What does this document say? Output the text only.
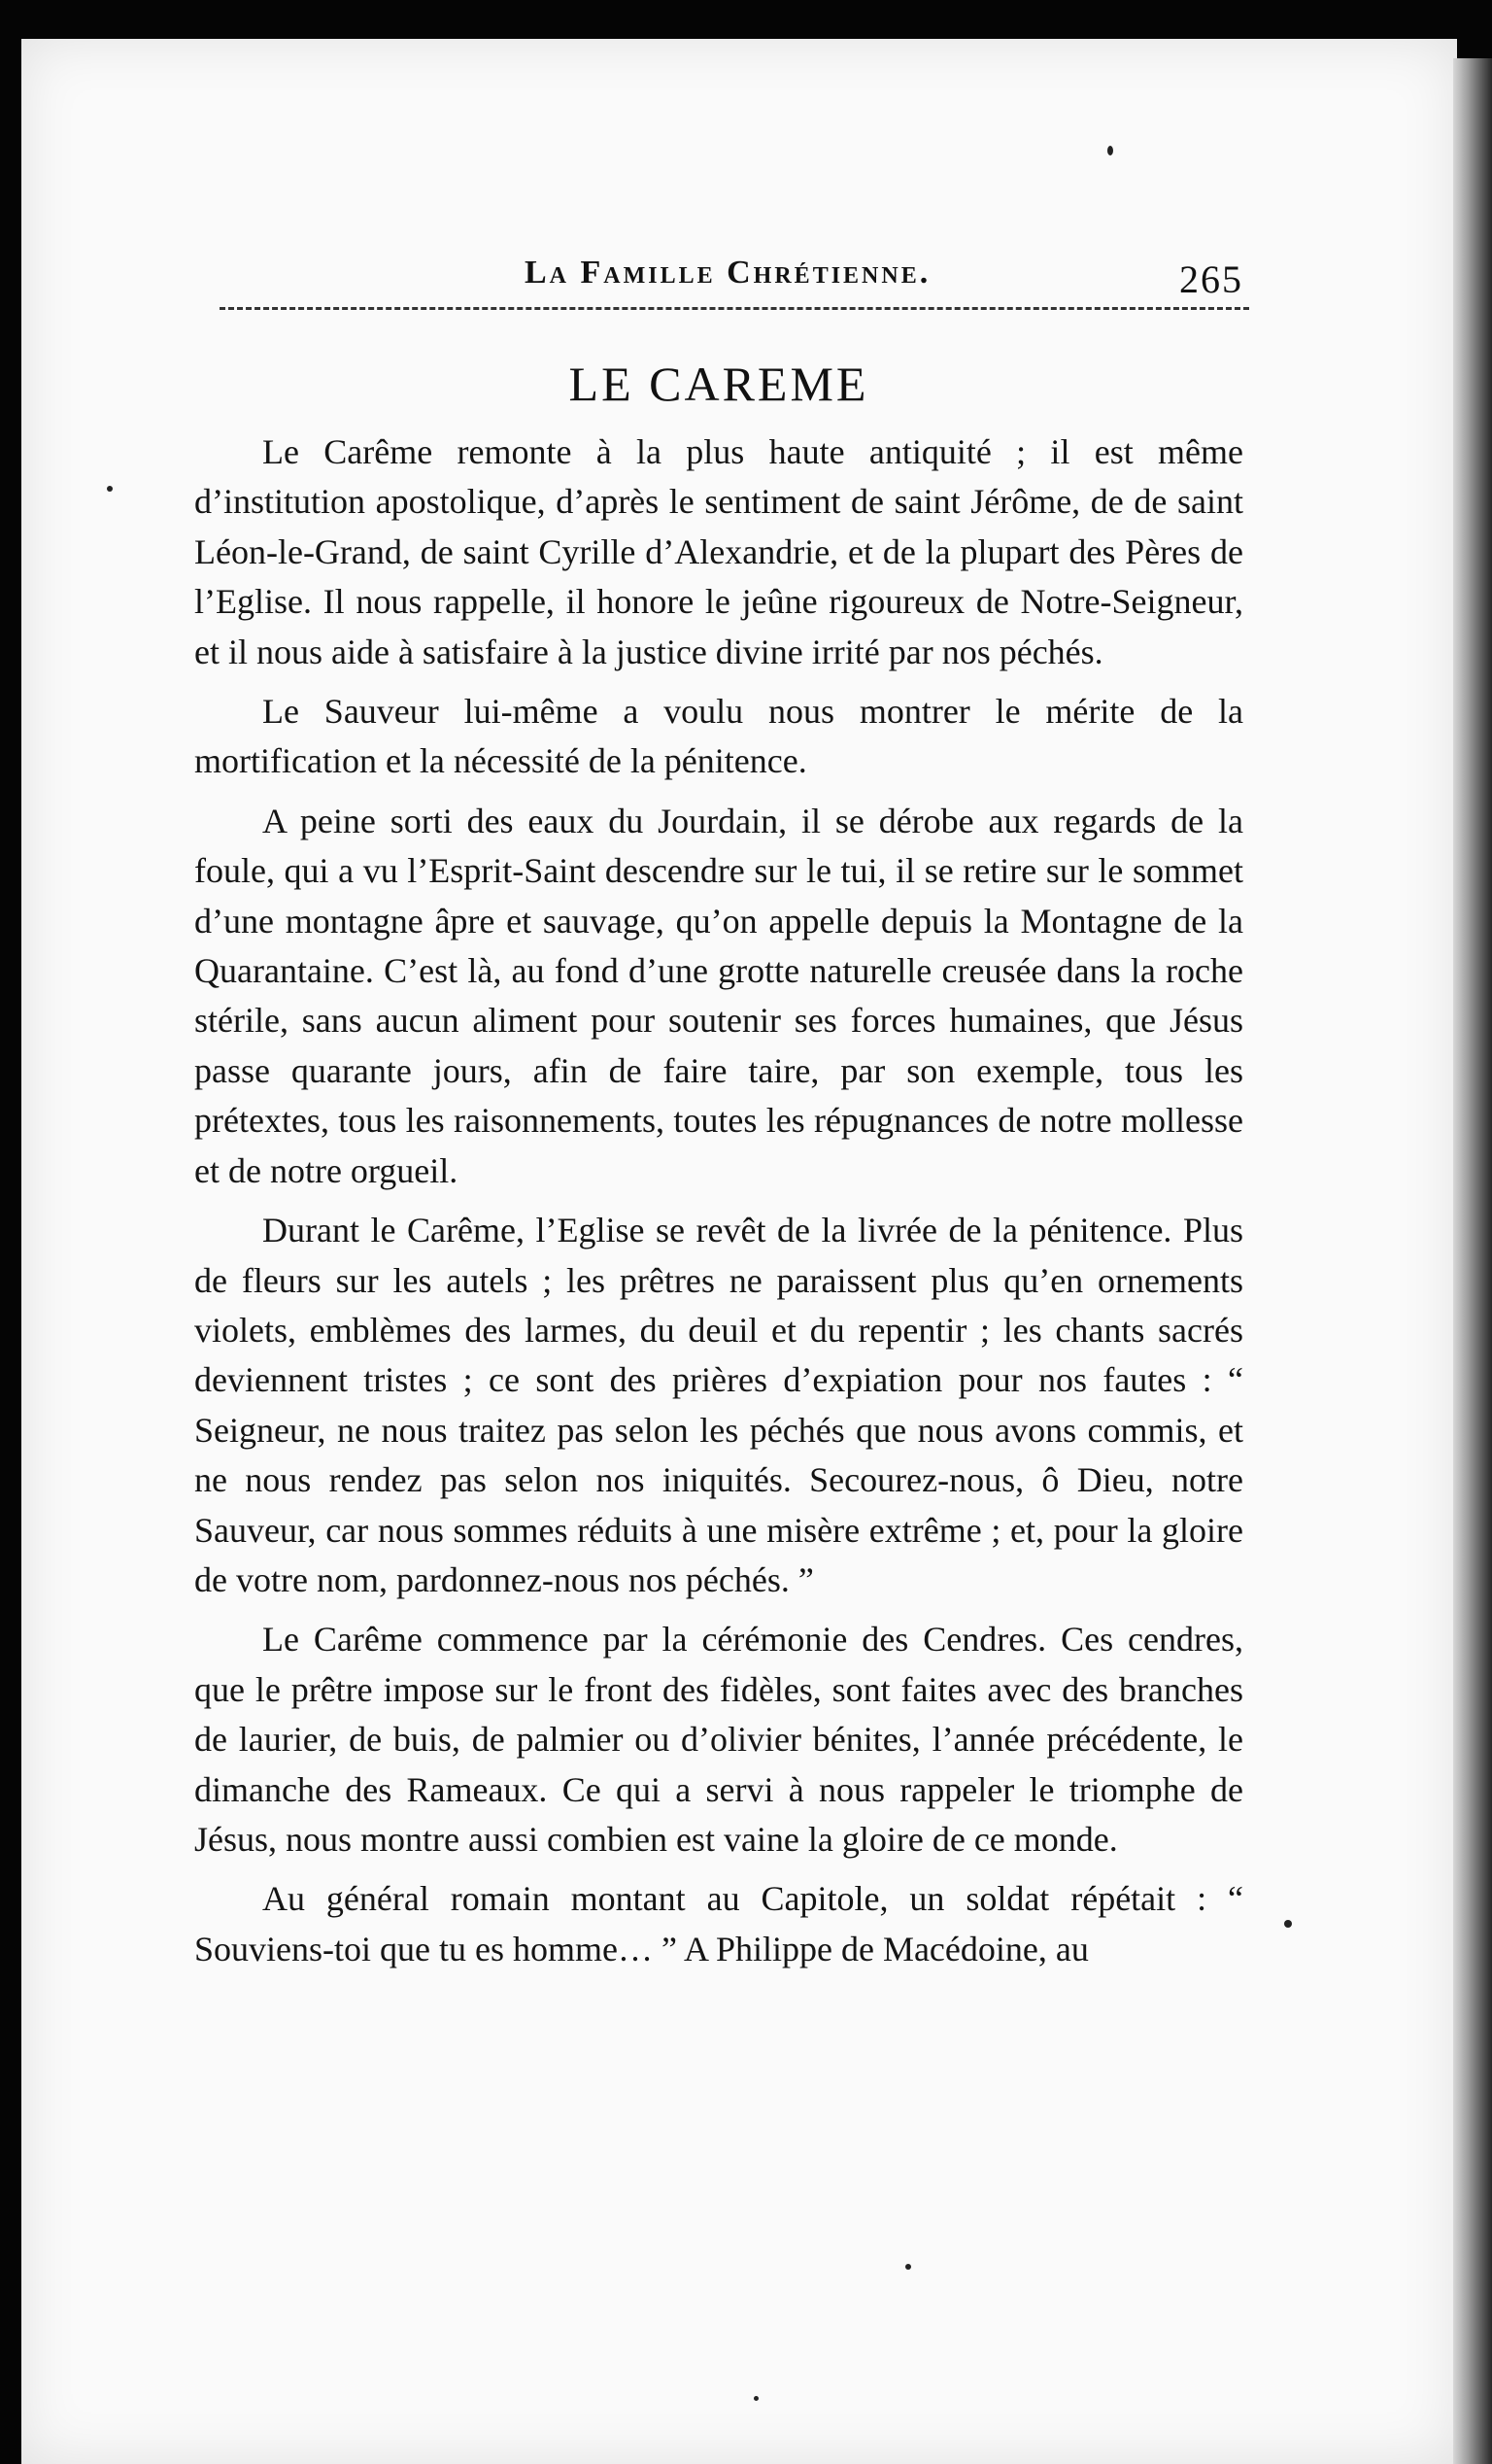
La Famille Chrétienne.	265
LE CAREME

Le Carême remonte à la plus haute antiquité ; il est même d’institution apostolique, d’après le sentiment de saint Jérôme, de de saint Léon-le-Grand, de saint Cyrille d’Alexandrie, et de la plupart des Pères de l’Eglise. Il nous rappelle, il honore le jeûne rigoureux de Notre-Seigneur, et il nous aide à satisfaire à la justice divine irrité par nos péchés.

Le Sauveur lui-même a voulu nous montrer le mérite de la mortification et la nécessité de la pénitence.

A peine sorti des eaux du Jourdain, il se dérobe aux regards de la foule, qui a vu l’Esprit-Saint descendre sur le tui, il se retire sur le sommet d’une montagne âpre et sauvage, qu’on appelle depuis la Montagne de la Quarantaine. C’est là, au fond d’une grotte naturelle creusée dans la roche stérile, sans aucun aliment pour soutenir ses forces humaines, que Jésus passe quarante jours, afin de faire taire, par son exemple, tous les prétextes, tous les raisonnements, toutes les répugnances de notre mollesse et de notre orgueil.

Durant le Carême, l’Eglise se revêt de la livrée de la pénitence. Plus de fleurs sur les autels ; les prêtres ne paraissent plus qu’en ornements violets, emblèmes des larmes, du deuil et du repentir ; les chants sacrés deviennent tristes ; ce sont des prières d’expiation pour nos fautes : “ Seigneur, ne nous traitez pas selon les péchés que nous avons commis, et ne nous rendez pas selon nos iniquités. Secourez-nous, ô Dieu, notre Sauveur, car nous sommes réduits à une misère extrême ; et, pour la gloire de votre nom, pardonnez-nous nos péchés. ”

Le Carême commence par la cérémonie des Cendres. Ces cendres, que le prêtre impose sur le front des fidèles, sont faites avec des branches de laurier, de buis, de palmier ou d’olivier bénites, l’année précédente, le dimanche des Rameaux. Ce qui a servi à nous rappeler le triomphe de Jésus, nous montre aussi combien est vaine la gloire de ce monde.

Au général romain montant au Capitole, un soldat répétait : “ Souviens-toi que tu es homme… ” A Philippe de Macédoine, au
